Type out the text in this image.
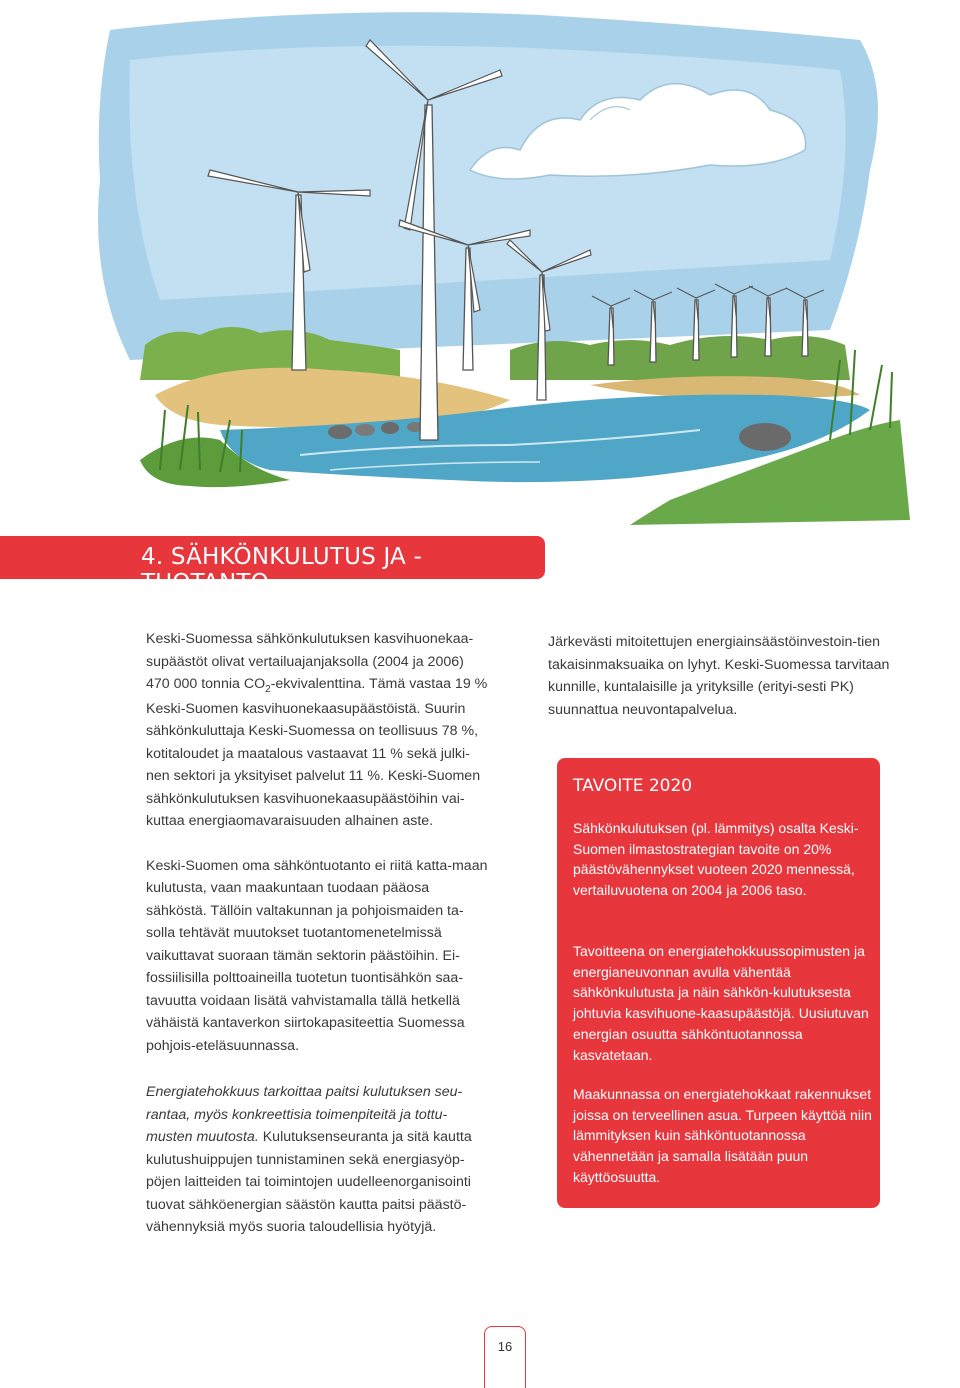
4. SÄHKÖNKULUTUS JA -TUOTANTO

Keski-Suomessa sähkönkulutuksen kasvihuonekaa-supäästöt olivat vertailuajanjaksolla (2004 ja 2006) 470 000 tonnia $CO_2$-ekvivalenttina. Tämä vastaa 19 % Keski-Suomen kasvihuonekaasupäästöistä. Suurin sähkönkuluttaja Keski-Suomessa on teollisuus 78 %, kotitaloudet ja maatalous vastaavat 11 % sekä julki-nen sektori ja yksityiset palvelut 11 %. Keski-Suomen sähkönkulutuksen kasvihuonekaasupäästöihin vai-kuttaa energiaomavaraisuuden alhainen aste.

Keski-Suomen oma sähköntuotanto ei riitä katta-maan kulutusta, vaan maakuntaan tuodaan pääosa sähköstä. Tällöin valtakunnan ja pohjoismaiden ta-solla tehtävät muutokset tuotantomenetelmissä vaikuttavat suoraan tämän sektorin päästöihin. Ei-fossiilisilla polttoaineilla tuotetun tuontisähkön saa-tavuutta voidaan lisätä vahvistamalla tällä hetkellä vähäistä kantaverkon siirtokapasiteettia Suomessa pohjois-eteläsuunnassa.

Energiatehokkuus tarkoittaa paitsi kulutuksen seu-rantaa, myös konkreettisia toimenpiteitä ja tottu-musten muutosta. Kulutuksenseuranta ja sitä kautta kulutushuippujen tunnistaminen sekä energiasyöp-pöjen laitteiden tai toimintojen uudelleenorganisointi tuovat sähköenergian säästön kautta paitsi päästö-vähennyksiä myös suoria taloudellisia hyötyjä.

Järkevästi mitoitettujen energiainsäästöinvestoin-tien takaisinmaksuaika on lyhyt. Keski-Suomessa tarvitaan kunnille, kuntalaisille ja yrityksille (erityi-sesti PK) suunnattua neuvontapalvelua.

TAVOITE 2020

Sähkönkulutuksen (pl. lämmitys) osalta Keski-Suomen ilmastostrategian tavoite on 20% päästövähennykset vuoteen 2020 mennessä, vertailuvuotena on 2004 ja 2006 taso.

Tavoitteena on energiatehokkuussopimusten ja energianeuvonnan avulla vähentää sähkönkulutusta ja näin sähkön-kulutuksesta johtuvia kasvihuone-kaasupäästöjä. Uusiutuvan energian osuutta sähköntuotannossa kasvatetaan.

Maakunnassa on energiatehokkaat rakennukset joissa on terveellinen asua. Turpeen käyttöä niin lämmityksen kuin sähköntuotannossa vähennetään ja samalla lisätään puun käyttöosuutta.

16
